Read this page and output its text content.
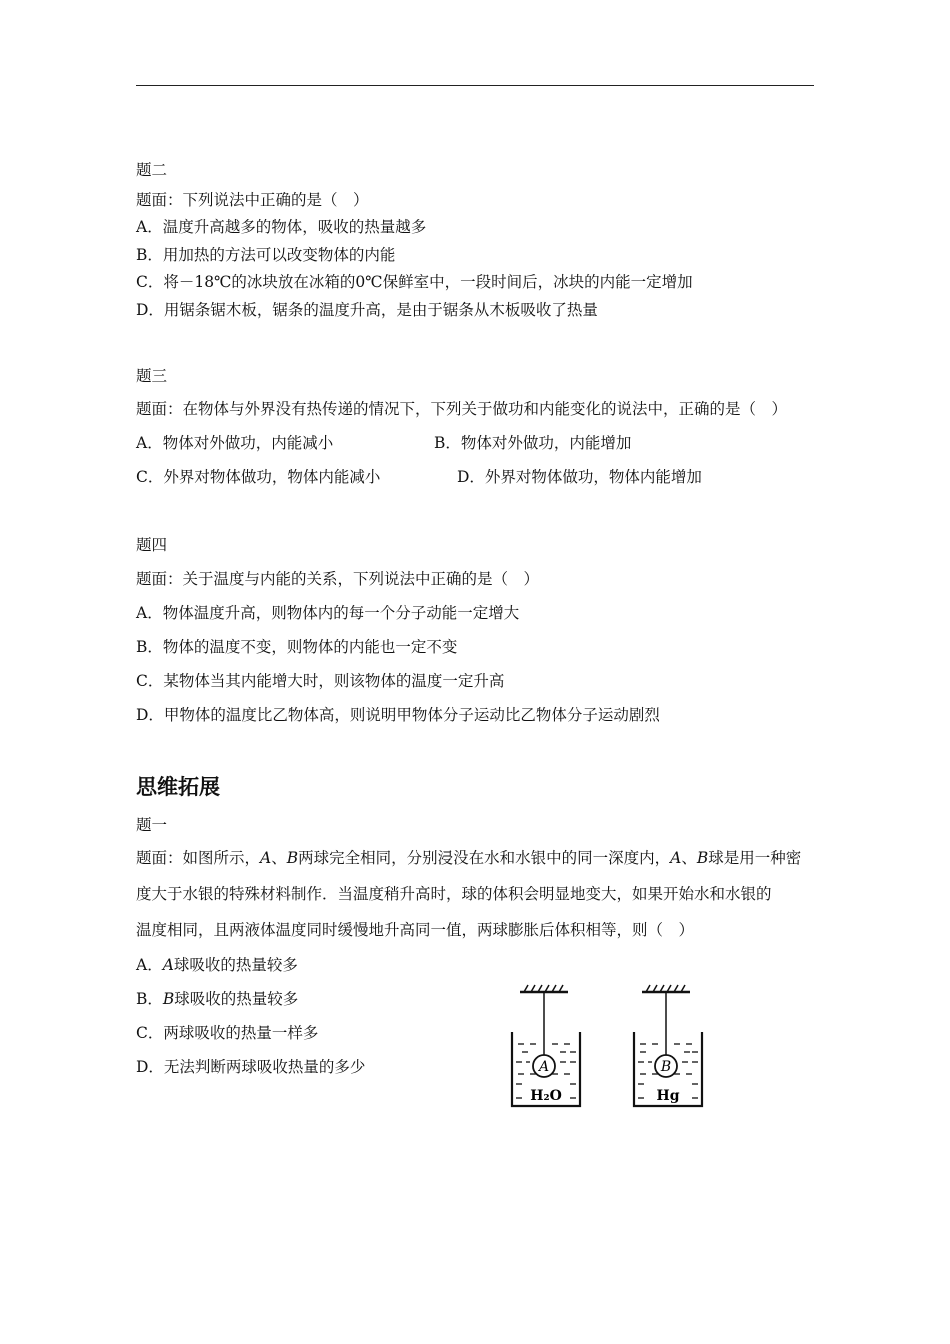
题二
题面：下列说法中正确的是（　）
A．温度升高越多的物体，吸收的热量越多
B．用加热的方法可以改变物体的内能
C．将－18℃的冰块放在冰箱的0℃保鲜室中，一段时间后，冰块的内能一定增加
D．用锯条锯木板，锯条的温度升高，是由于锯条从木板吸收了热量
题三
题面：在物体与外界没有热传递的情况下，下列关于做功和内能变化的说法中，正确的是（　）
A．物体对外做功，内能减小	B．物体对外做功，内能增加
C．外界对物体做功，物体内能减小	D．外界对物体做功，物体内能增加
题四
题面：关于温度与内能的关系，下列说法中正确的是（　）
A．物体温度升高，则物体内的每一个分子动能一定增大
B．物体的温度不变，则物体的内能也一定不变
C．某物体当其内能增大时，则该物体的温度一定升高
D．甲物体的温度比乙物体高，则说明甲物体分子运动比乙物体分子运动剧烈
思维拓展
题一
题面：如图所示，A、B两球完全相同，分别浸没在水和水银中的同一深度内，A、B球是用一种密
度大于水银的特殊材料制作．当温度稍升高时，球的体积会明显地变大，如果开始水和水银的
温度相同，且两液体温度同时缓慢地升高同一值，两球膨胀后体积相等，则（　）
A．A球吸收的热量较多
B．B球吸收的热量较多
C．两球吸收的热量一样多
D．无法判断两球吸收热量的多少	A
H₂O
B
Hg
